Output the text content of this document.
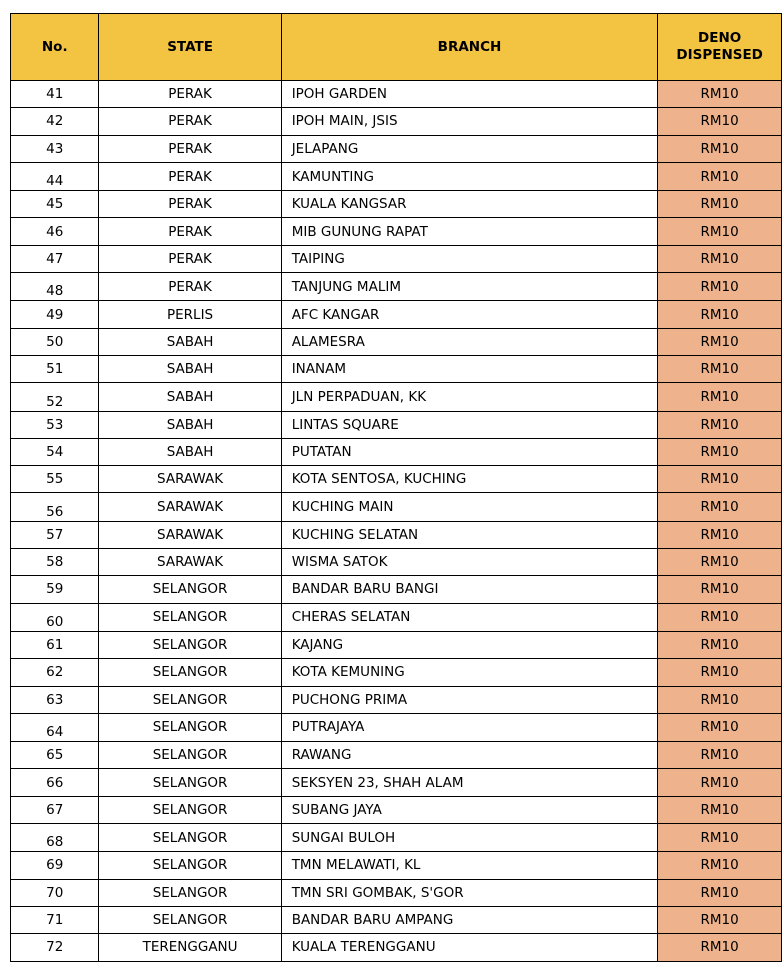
No.	STATE	BRANCH	DENO
DISPENSED

41	PERAK	IPOH GARDEN	RM10
42	PERAK	IPOH MAIN, JSIS	RM10
43	PERAK	JELAPANG	RM10
44	PERAK	KAMUNTING	RM10
45	PERAK	KUALA KANGSAR	RM10
46	PERAK	MIB GUNUNG RAPAT	RM10
47	PERAK	TAIPING	RM10
48	PERAK	TANJUNG MALIM	RM10
49	PERLIS	AFC KANGAR	RM10
50	SABAH	ALAMESRA	RM10
51	SABAH	INANAM	RM10
52	SABAH	JLN PERPADUAN, KK	RM10
53	SABAH	LINTAS SQUARE	RM10
54	SABAH	PUTATAN	RM10
55	SARAWAK	KOTA SENTOSA, KUCHING	RM10
56	SARAWAK	KUCHING MAIN	RM10
57	SARAWAK	KUCHING SELATAN	RM10
58	SARAWAK	WISMA SATOK	RM10
59	SELANGOR	BANDAR BARU BANGI	RM10
60	SELANGOR	CHERAS SELATAN	RM10
61	SELANGOR	KAJANG	RM10
62	SELANGOR	KOTA KEMUNING	RM10
63	SELANGOR	PUCHONG PRIMA	RM10
64	SELANGOR	PUTRAJAYA	RM10
65	SELANGOR	RAWANG	RM10
66	SELANGOR	SEKSYEN 23, SHAH ALAM	RM10
67	SELANGOR	SUBANG JAYA	RM10
68	SELANGOR	SUNGAI BULOH	RM10
69	SELANGOR	TMN MELAWATI, KL	RM10
70	SELANGOR	TMN SRI GOMBAK, S'GOR	RM10
71	SELANGOR	BANDAR BARU AMPANG	RM10
72	TERENGGANU	KUALA TERENGGANU	RM10
